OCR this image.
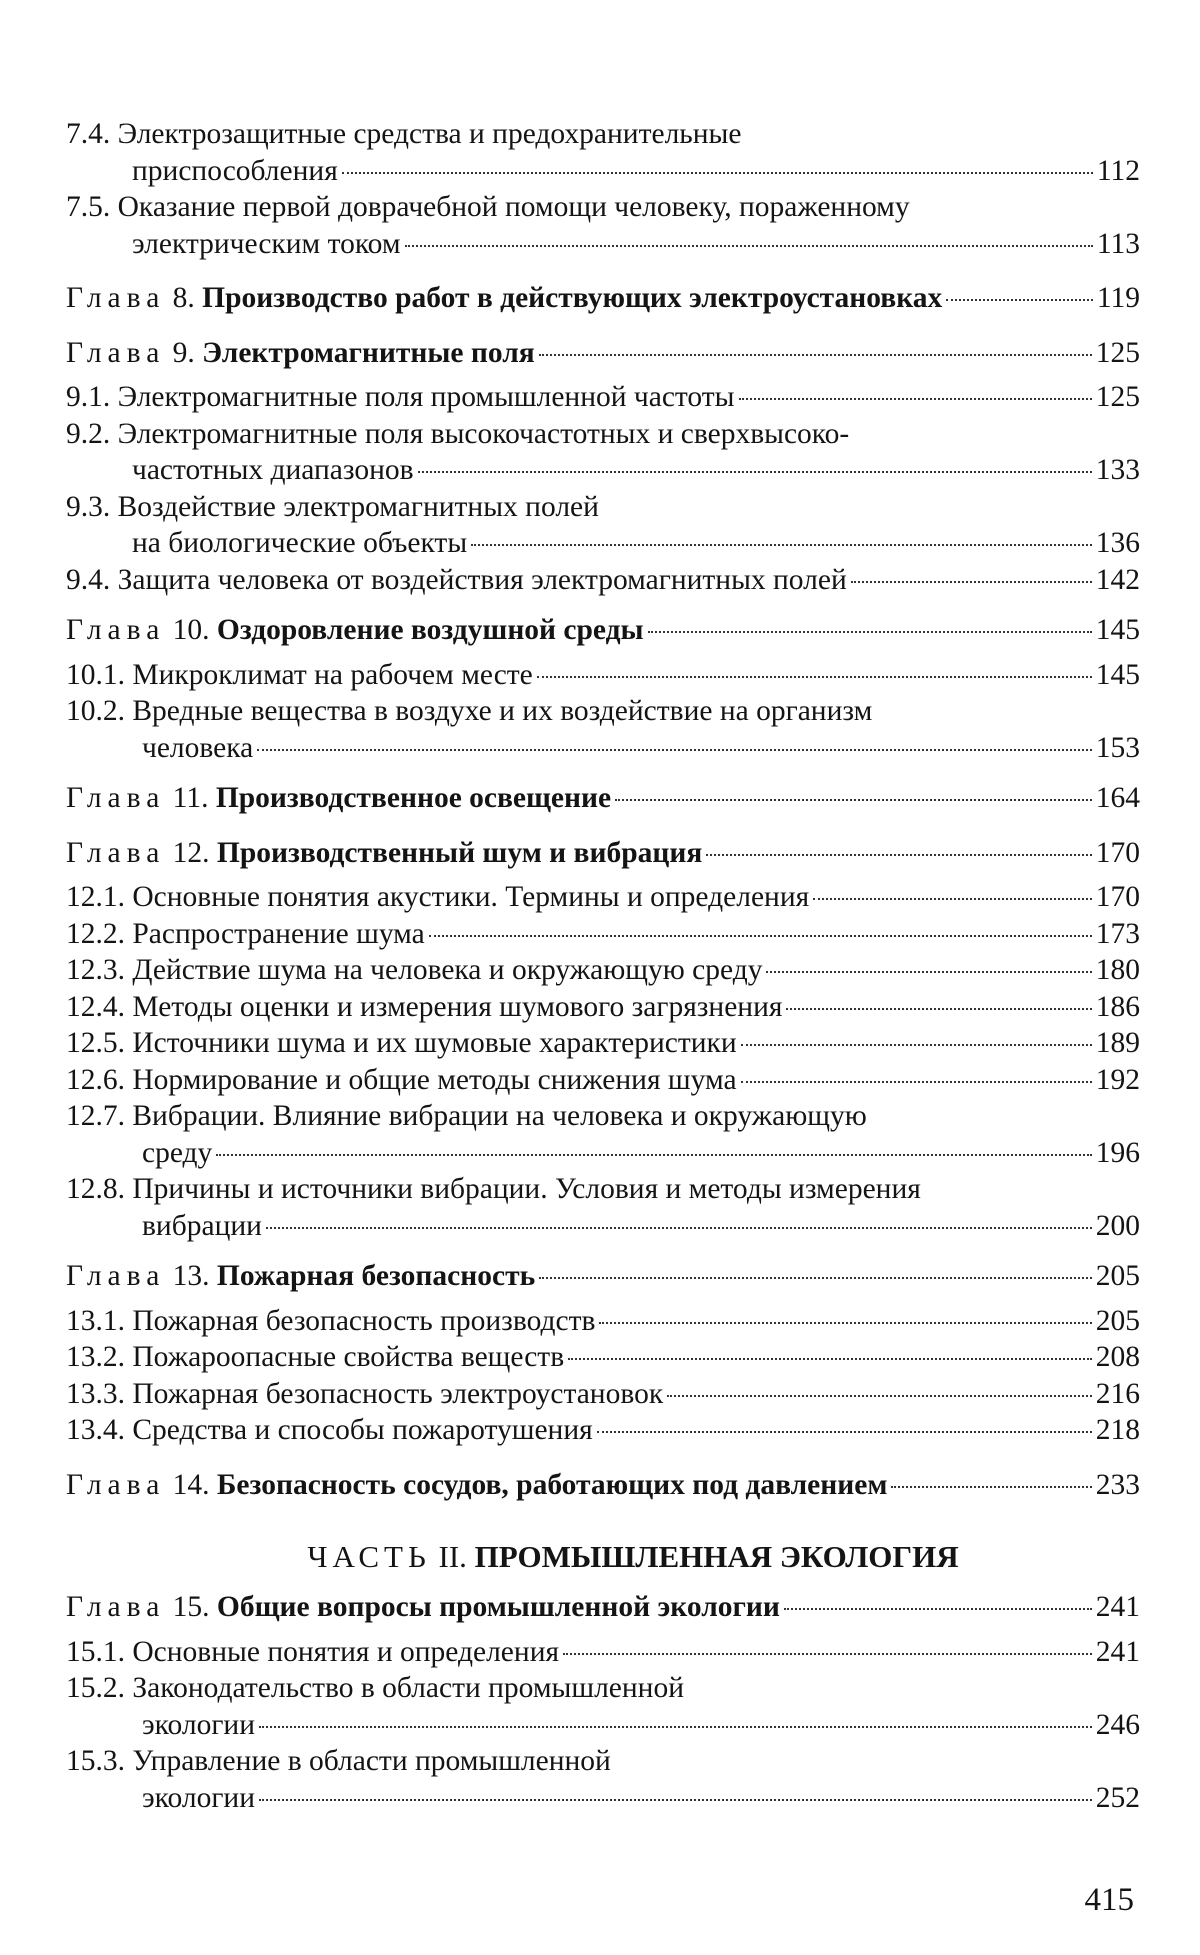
7.4. Электрозащитные средства и предохранительные
приспособления	112
7.5. Оказание первой доврачебной помощи человеку, пораженному
электрическим током	113
Глава 8. Производство работ в действующих электроустановках	119
Глава 9. Электромагнитные поля	125
9.1. Электромагнитные поля промышленной частоты	125
9.2. Электромагнитные поля высокочастотных и сверхвысоко-
частотных диапазонов	133
9.3. Воздействие электромагнитных полей
на биологические объекты	136
9.4. Защита человека от воздействия электромагнитных полей	142
Глава 10. Оздоровление воздушной среды	145
10.1. Микроклимат на рабочем месте	145
10.2. Вредные вещества в воздухе и их воздействие на организм
человека	153
Глава 11. Производственное освещение	164
Глава 12. Производственный шум и вибрация	170
12.1. Основные понятия акустики. Термины и определения	170
12.2. Распространение шума	173
12.3. Действие шума на человека и окружающую среду	180
12.4. Методы оценки и измерения шумового загрязнения	186
12.5. Источники шума и их шумовые характеристики	189
12.6. Нормирование и общие методы снижения шума	192
12.7. Вибрации. Влияние вибрации на человека и окружающую
среду	196
12.8. Причины и источники вибрации. Условия и методы измерения
вибрации	200
Глава 13. Пожарная безопасность	205
13.1. Пожарная безопасность производств	205
13.2. Пожароопасные свойства веществ	208
13.3. Пожарная безопасность электроустановок	216
13.4. Средства и способы пожаротушения	218
Глава 14. Безопасность сосудов, работающих под давлением	233
ЧАСТЬ II. ПРОМЫШЛЕННАЯ ЭКОЛОГИЯ
Глава 15. Общие вопросы промышленной экологии	241
15.1. Основные понятия и определения	241
15.2. Законодательство в области промышленной
экологии	246
15.3. Управление в области промышленной
экологии	252
415
